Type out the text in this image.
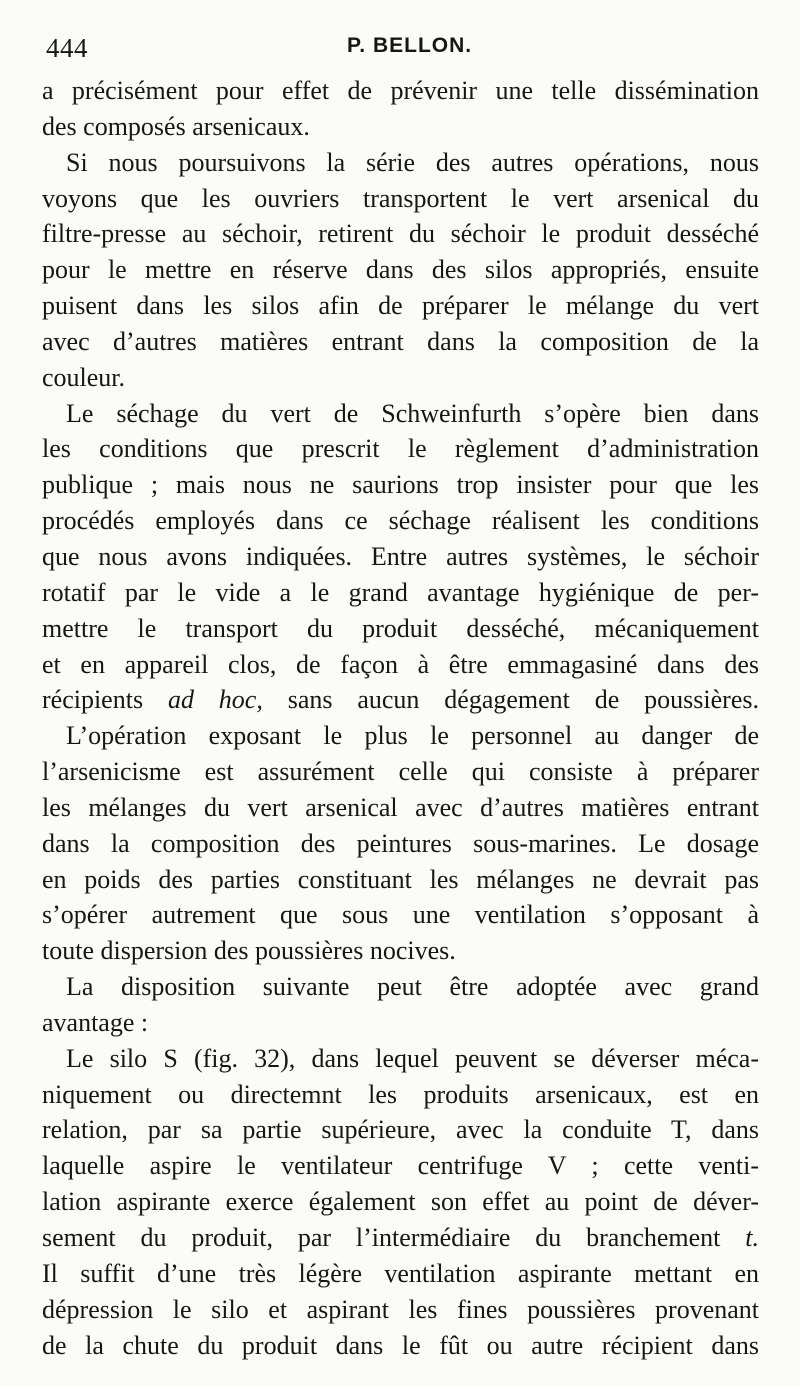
444	P. BELLON.
a précisément pour effet de prévenir une telle dissémination
des composés arsenicaux.
Si nous poursuivons la série des autres opérations, nous
voyons que les ouvriers transportent le vert arsenical du
filtre-presse au séchoir, retirent du séchoir le produit desséché
pour le mettre en réserve dans des silos appropriés, ensuite
puisent dans les silos afin de préparer le mélange du vert
avec d’autres matières entrant dans la composition de la
couleur.
Le séchage du vert de Schweinfurth s’opère bien dans
les conditions que prescrit le règlement d’administration
publique ; mais nous ne saurions trop insister pour que les
procédés employés dans ce séchage réalisent les conditions
que nous avons indiquées. Entre autres systèmes, le séchoir
rotatif par le vide a le grand avantage hygiénique de per-
mettre le transport du produit desséché, mécaniquement
et en appareil clos, de façon à être emmagasiné dans des
récipients ad hoc, sans aucun dégagement de poussières.
L’opération exposant le plus le personnel au danger de
l’arsenicisme est assurément celle qui consiste à préparer
les mélanges du vert arsenical avec d’autres matières entrant
dans la composition des peintures sous-marines. Le dosage
en poids des parties constituant les mélanges ne devrait pas
s’opérer autrement que sous une ventilation s’opposant à
toute dispersion des poussières nocives.
La disposition suivante peut être adoptée avec grand
avantage :
Le silo S (fig. 32), dans lequel peuvent se déverser méca-
niquement ou directemnt les produits arsenicaux, est en
relation, par sa partie supérieure, avec la conduite T, dans
laquelle aspire le ventilateur centrifuge V ; cette venti-
lation aspirante exerce également son effet au point de déver-
sement du produit, par l’intermédiaire du branchement t.
Il suffit d’une très légère ventilation aspirante mettant en
dépression le silo et aspirant les fines poussières provenant
de la chute du produit dans le fût ou autre récipient dans
